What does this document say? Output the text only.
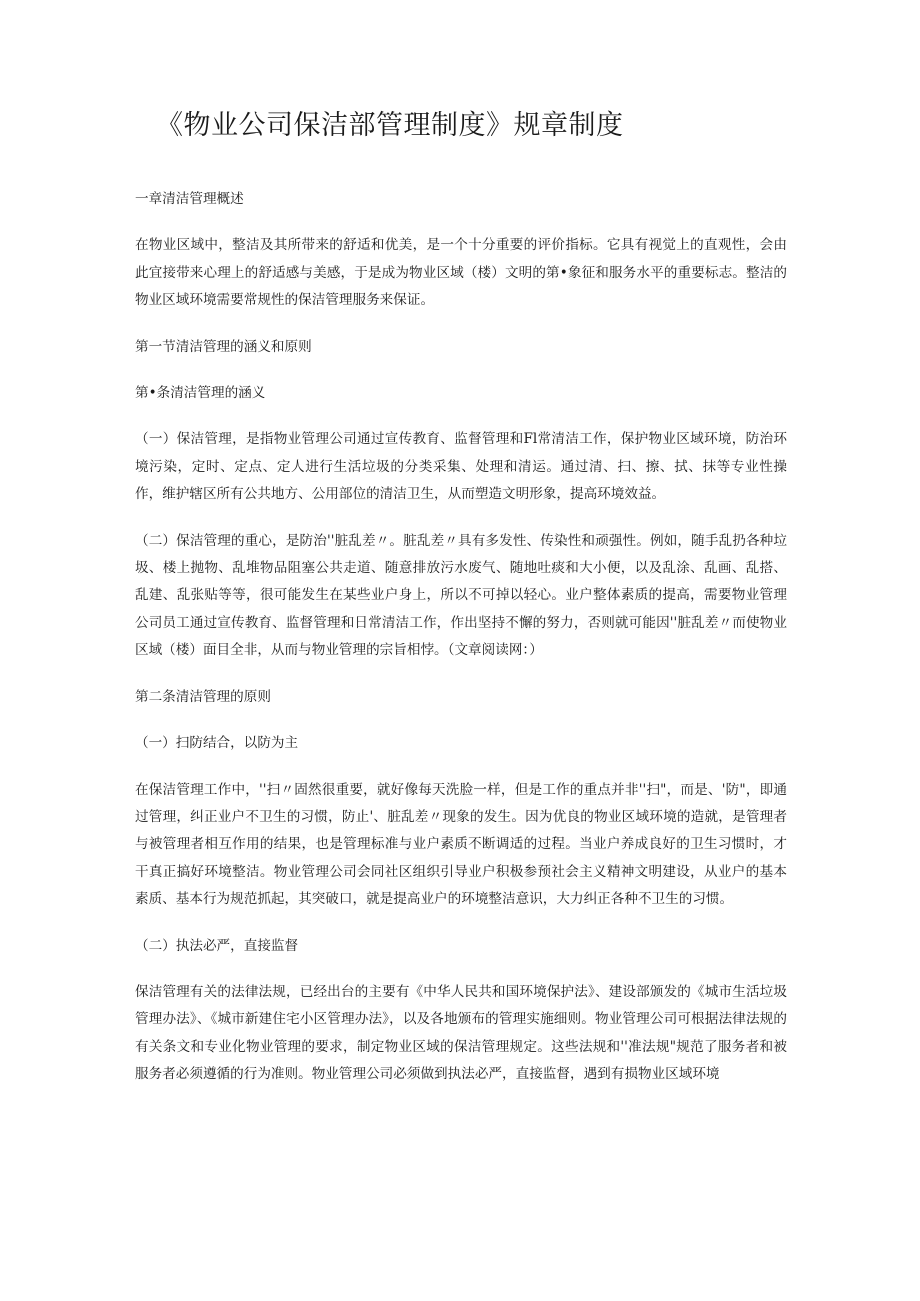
《物业公司保洁部管理制度》规章制度

一章清洁管理概述

在物业区域中，整洁及其所带来的舒适和优美，是一个十分重要的评价指标。它具有视觉上的直观性，会由此宜接带来心理上的舒适感与美感，于是成为物业区域（楼）文明的第•象征和服务水平的重要标志。整洁的物业区域环境需要常规性的保洁管理服务来保证。

第一节清洁管理的涵义和原则

第•条清洁管理的涵义

（一）保洁管理，是指物业管理公司通过宣传教育、监督管理和Fl常清洁工作，保护物业区域环境，防治环境污染，定时、定点、定人进行生活垃圾的分类采集、处理和清运。通过清、扫、擦、拭、抹等专业性操作，维护辖区所有公共地方、公用部位的清洁卫生，从而塑造文明形象，提高环境效益。

（二）保洁管理的重心，是防治''脏乱差〃。脏乱差〃具有多发性、传染性和顽强性。例如，随手乱扔各种垃圾、楼上抛物、乱堆物品阻塞公共走道、随意排放污水废气、随地吐痰和大小便，以及乱涂、乱画、乱搭、乱建、乱张贴等等，很可能发生在某些业户身上，所以不可掉以轻心。业户整体素质的提高，需要物业管理公司员工通过宣传教育、监督管理和日常清洁工作，作出坚持不懈的努力，否则就可能因''脏乱差〃而使物业区域（楼）面目全非，从而与物业管理的宗旨相悖。（文章阅读网：）

第二条清洁管理的原则

（一）扫防结合，以防为主

在保洁管理工作中，''扫〃固然很重要，就好像每天洗脸一样，但是工作的重点并非''扫"，而是、'防"，即通过管理，纠正业户不卫生的习惯，防止'、脏乱差〃现象的发生。因为优良的物业区域环境的造就，是管理者与被管理者相互作用的结果，也是管理标准与业户素质不断调适的过程。当业户养成良好的卫生习惯时，才干真正搞好环境整洁。物业管理公司会同社区组织引导业户积极参预社会主义精神文明建设，从业户的基本素质、基本行为规范抓起，其突破口，就是提高业户的环境整洁意识，大力纠正各种不卫生的习惯。

（二）执法必严，直接监督

保洁管理有关的法律法规，已经出台的主要有《中华人民共和国环境保护法》、建设部颁发的《城市生活垃圾管理办法》、《城市新建住宅小区管理办法》，以及各地颁布的管理实施细则。物业管理公司可根据法律法规的有关条文和专业化物业管理的要求，制定物业区域的保洁管理规定。这些法规和''准法规"规范了服务者和被服务者必须遵循的行为准则。物业管理公司必须做到执法必严，直接监督，遇到有损物业区域环境
